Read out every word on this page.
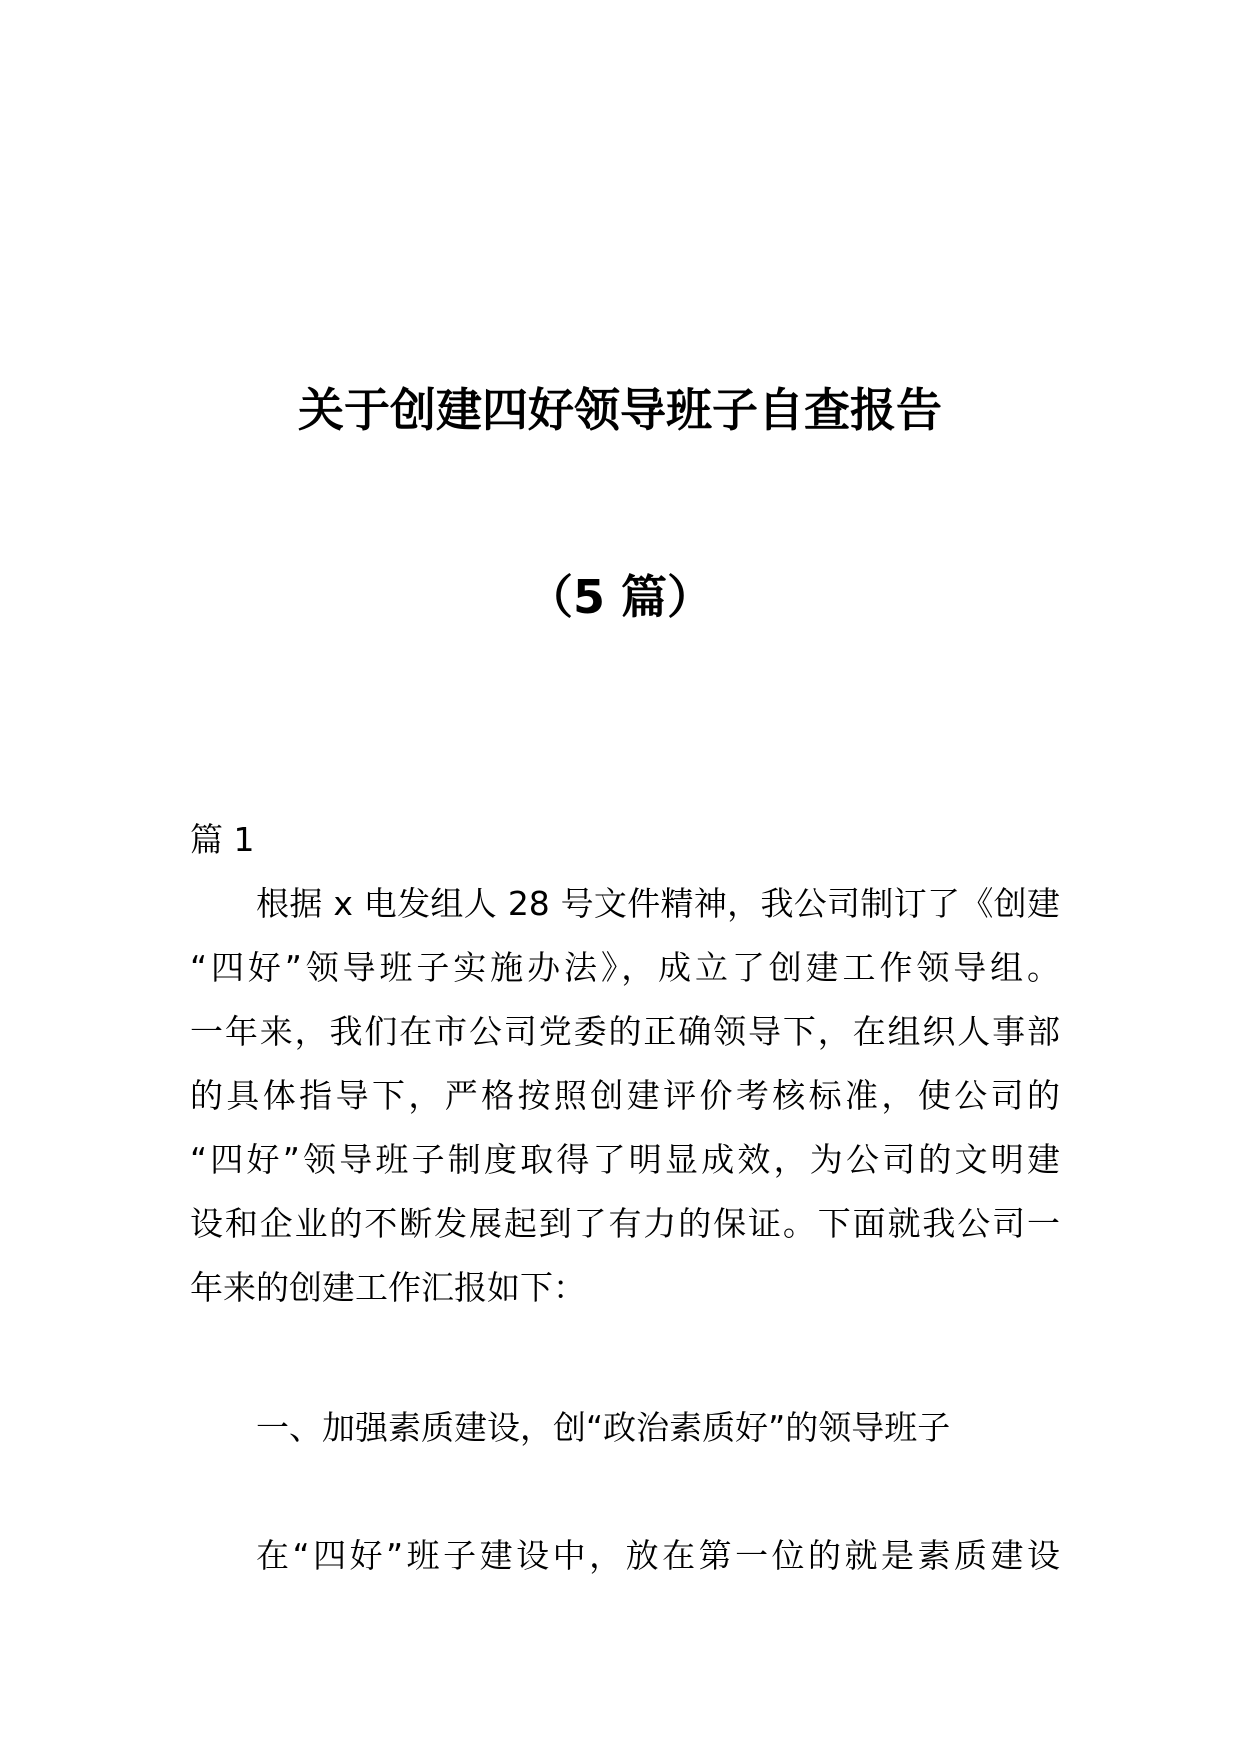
关于创建四好领导班子自查报告
（5 篇）
篇 1
根据 x 电发组人 28 号文件精神，我公司制订了《创建
“四好”领导班子实施办法》，成立了创建工作领导组。
一年来，我们在市公司党委的正确领导下，在组织人事部
的具体指导下，严格按照创建评价考核标准，使公司的
“四好”领导班子制度取得了明显成效，为公司的文明建
设和企业的不断发展起到了有力的保证。下面就我公司一
年来的创建工作汇报如下：
一、加强素质建设，创“政治素质好”的领导班子
在“四好”班子建设中，放在第一位的就是素质建设
